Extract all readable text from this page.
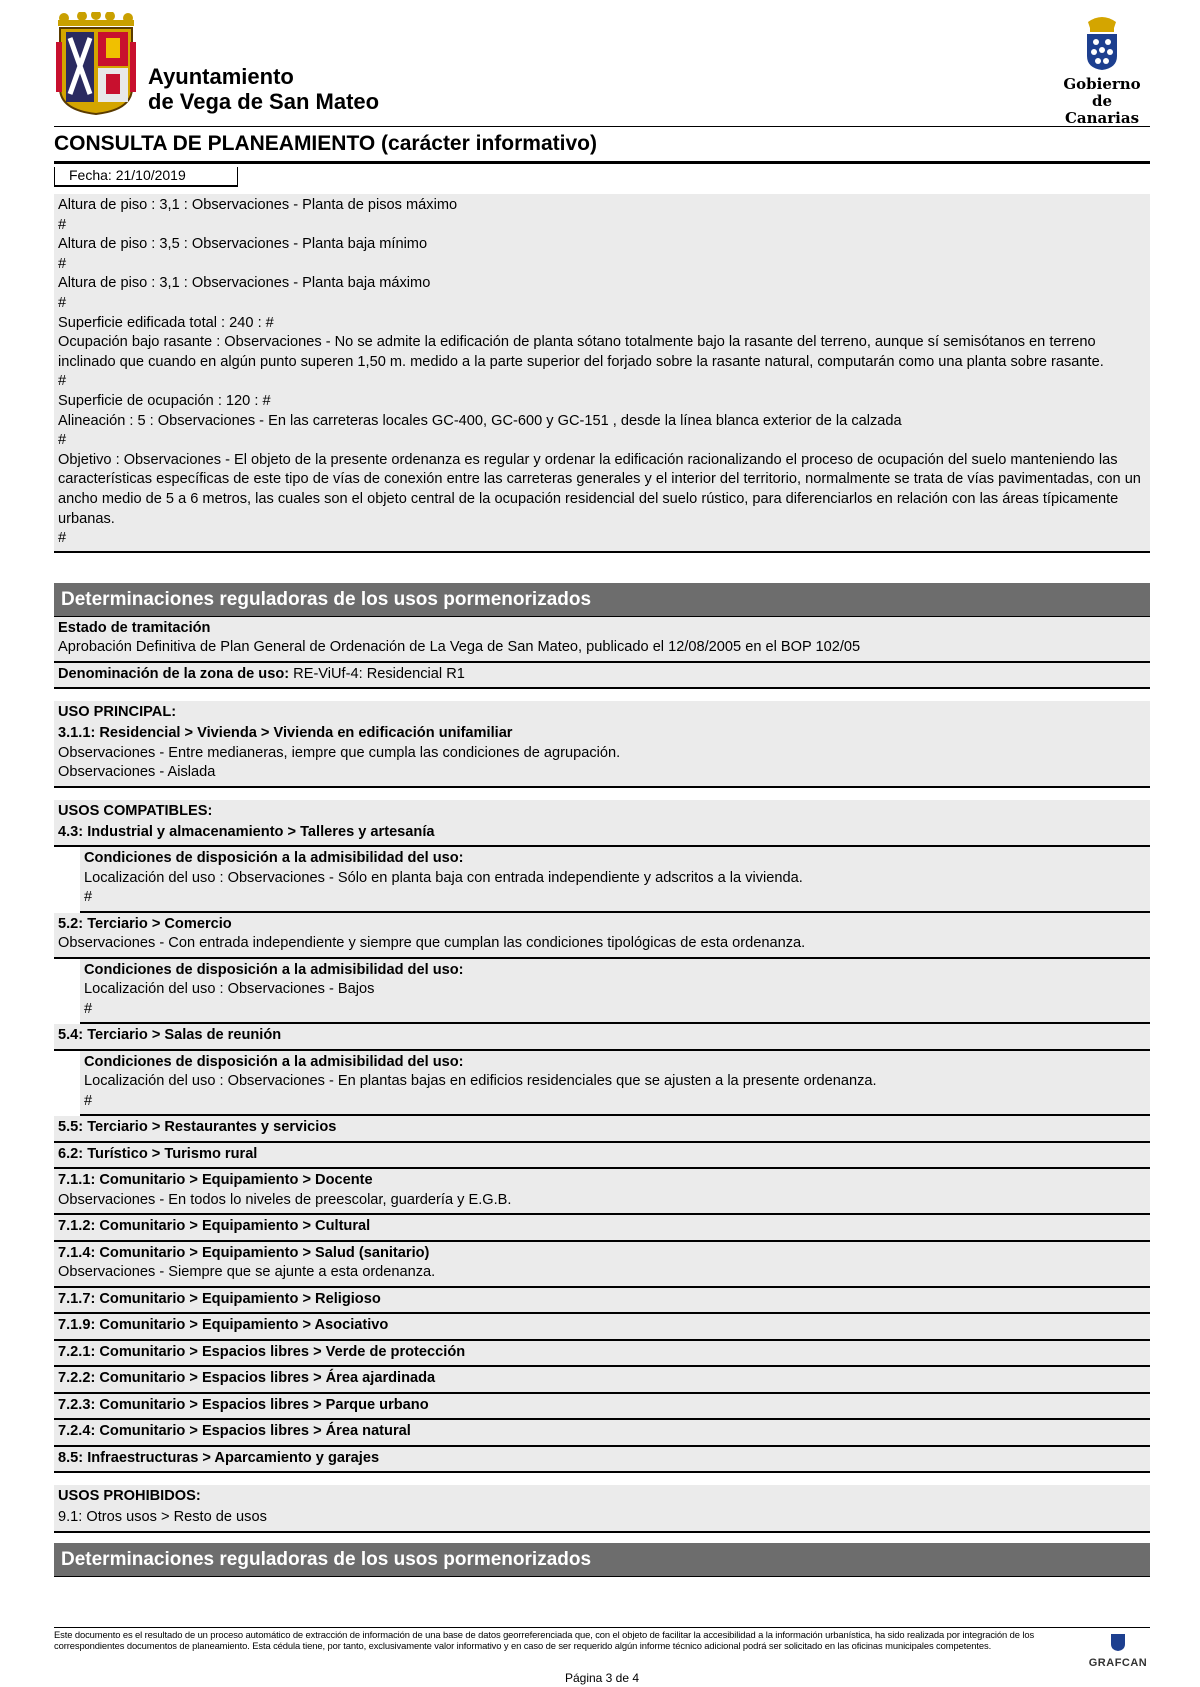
Ayuntamiento
de Vega de San Mateo
Gobierno
de Canarias
CONSULTA DE PLANEAMIENTO (carácter informativo)
Fecha: 21/10/2019
Altura de piso : 3,1 : Observaciones - Planta de pisos máximo
#
Altura de piso : 3,5 : Observaciones - Planta baja mínimo
#
Altura de piso : 3,1 : Observaciones - Planta baja máximo
#
Superficie edificada total : 240 : #
Ocupación bajo rasante : Observaciones - No se admite la edificación de planta sótano totalmente bajo la rasante del terreno, aunque sí semisótanos en terreno inclinado que cuando en algún punto superen 1,50 m. medido a la parte superior del forjado sobre la rasante natural, computarán como una planta sobre rasante.
#
Superficie de ocupación : 120 : #
Alineación : 5 : Observaciones - En las carreteras locales GC-400, GC-600 y GC-151 , desde la línea blanca exterior de la calzada
#
Objetivo : Observaciones - El objeto de la presente ordenanza es regular y ordenar la edificación racionalizando el proceso de ocupación del suelo manteniendo las características específicas de este tipo de vías de conexión entre las carreteras generales y el interior del territorio, normalmente se trata de vías pavimentadas, con un ancho medio de 5 a 6 metros, las cuales son el objeto central de la ocupación residencial del suelo rústico, para diferenciarlos en relación con las áreas típicamente urbanas.
#
Determinaciones reguladoras de los usos pormenorizados
Estado de tramitación
Aprobación Definitiva de Plan General de Ordenación de La Vega de San Mateo, publicado el 12/08/2005 en el BOP 102/05
Denominación de la zona de uso: RE-ViUf-4: Residencial R1
USO PRINCIPAL:
3.1.1: Residencial > Vivienda > Vivienda en edificación unifamiliar
Observaciones - Entre medianeras, iempre que cumpla las condiciones de agrupación.
Observaciones - Aislada
USOS COMPATIBLES:
4.3: Industrial y almacenamiento > Talleres y artesanía
Condiciones de disposición a la admisibilidad del uso:
Localización del uso : Observaciones - Sólo en planta baja con entrada independiente y adscritos a la vivienda.
#
5.2: Terciario > Comercio
Observaciones - Con entrada independiente y siempre que cumplan las condiciones tipológicas de esta ordenanza.
Condiciones de disposición a la admisibilidad del uso:
Localización del uso : Observaciones - Bajos
#
5.4: Terciario > Salas de reunión
Condiciones de disposición a la admisibilidad del uso:
Localización del uso : Observaciones - En plantas bajas en edificios residenciales que se ajusten a la presente ordenanza.
#
5.5: Terciario > Restaurantes y servicios
6.2: Turístico > Turismo rural
7.1.1: Comunitario > Equipamiento > Docente
Observaciones - En todos lo niveles de preescolar, guardería y E.G.B.
7.1.2: Comunitario > Equipamiento > Cultural
7.1.4: Comunitario > Equipamiento > Salud (sanitario)
Observaciones - Siempre que se ajunte a esta ordenanza.
7.1.7: Comunitario > Equipamiento > Religioso
7.1.9: Comunitario > Equipamiento > Asociativo
7.2.1: Comunitario > Espacios libres > Verde de protección
7.2.2: Comunitario > Espacios libres > Área ajardinada
7.2.3: Comunitario > Espacios libres > Parque urbano
7.2.4: Comunitario > Espacios libres > Área natural
8.5: Infraestructuras > Aparcamiento y garajes
USOS PROHIBIDOS:
9.1: Otros usos > Resto de usos
Determinaciones reguladoras de los usos pormenorizados
Este documento es el resultado de un proceso automático de extracción de información de una base de datos georreferenciada que, con el objeto de facilitar la accesibilidad a la información urbanística, ha sido realizada por integración de los correspondientes documentos de planeamiento. Esta cédula tiene, por tanto, exclusivamente valor informativo y en caso de ser requerido algún informe técnico adicional podrá ser solicitado en las oficinas municipales competentes.
GRAFCAN
Página 3 de 4
